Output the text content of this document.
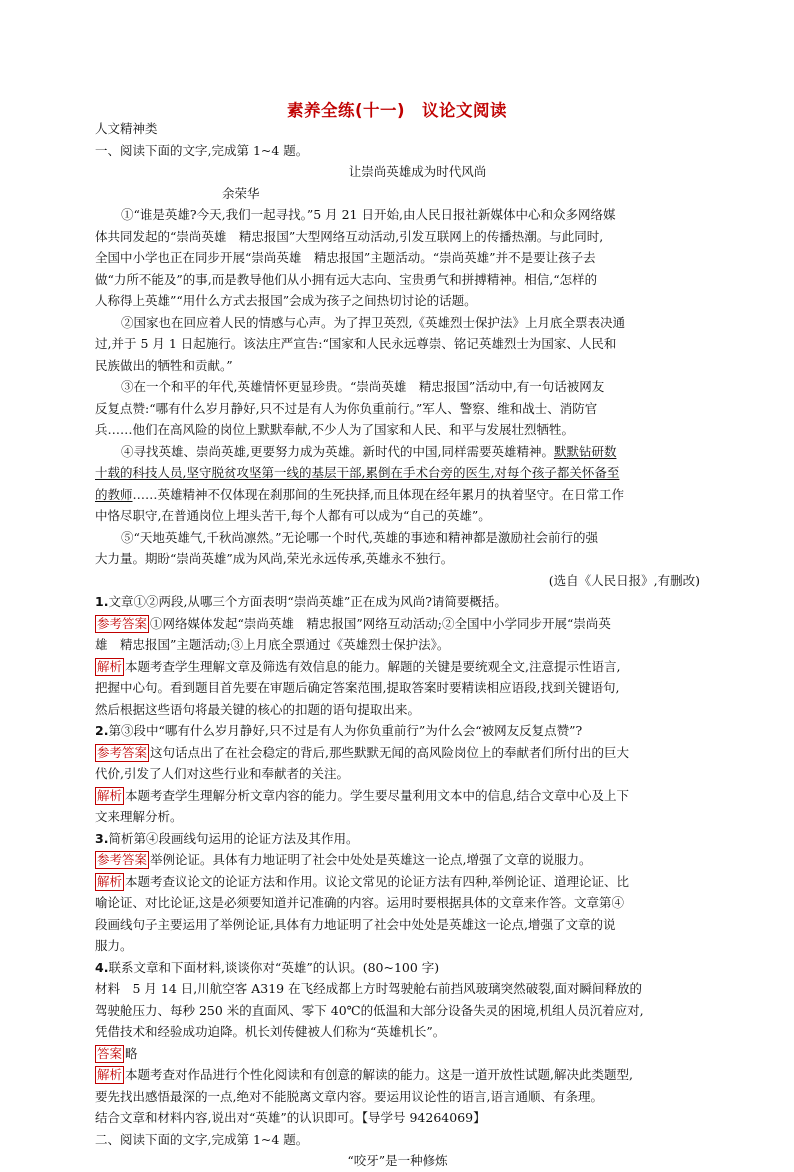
素养全练(十一)　议论文阅读
人文精神类
一、阅读下面的文字,完成第 1~4 题。
让崇尚英雄成为时代风尚
余荣华
①“谁是英雄?今天,我们一起寻找。”5 月 21 日开始,由人民日报社新媒体中心和众多网络媒
体共同发起的“崇尚英雄　精忠报国”大型网络互动活动,引发互联网上的传播热潮。与此同时,
全国中小学也正在同步开展“崇尚英雄　精忠报国”主题活动。“崇尚英雄”并不是要让孩子去
做“力所不能及”的事,而是教导他们从小拥有远大志向、宝贵勇气和拼搏精神。相信,“怎样的
人称得上英雄”“用什么方式去报国”会成为孩子之间热切讨论的话题。
②国家也在回应着人民的情感与心声。为了捍卫英烈,《英雄烈士保护法》上月底全票表决通
过,并于 5 月 1 日起施行。该法庄严宣告:“国家和人民永远尊崇、铭记英雄烈士为国家、人民和
民族做出的牺牲和贡献。”
③在一个和平的年代,英雄情怀更显珍贵。“崇尚英雄　精忠报国”活动中,有一句话被网友
反复点赞:“哪有什么岁月静好,只不过是有人为你负重前行。”军人、警察、维和战士、消防官
兵……他们在高风险的岗位上默默奉献,不少人为了国家和人民、和平与发展壮烈牺牲。
④寻找英雄、崇尚英雄,更要努力成为英雄。新时代的中国,同样需要英雄精神。默默钻研数
十载的科技人员,坚守脱贫攻坚第一线的基层干部,累倒在手术台旁的医生,对每个孩子都关怀备至
的教师……英雄精神不仅体现在刹那间的生死抉择,而且体现在经年累月的执着坚守。在日常工作
中恪尽职守,在普通岗位上埋头苦干,每个人都有可以成为“自己的英雄”。
⑤“天地英雄气,千秋尚凛然。”无论哪一个时代,英雄的事迹和精神都是激励社会前行的强
大力量。期盼“崇尚英雄”成为风尚,荣光永远传承,英雄永不独行。
(选自《人民日报》,有删改)
1.文章①②两段,从哪三个方面表明“崇尚英雄”正在成为风尚?请简要概括。
参考答案 ①网络媒体发起“崇尚英雄　精忠报国”网络互动活动;②全国中小学同步开展“崇尚英
雄　精忠报国”主题活动;③上月底全票通过《英雄烈士保护法》。
解析 本题考查学生理解文章及筛选有效信息的能力。解题的关键是要统观全文,注意提示性语言,
把握中心句。看到题目首先要在审题后确定答案范围,提取答案时要精读相应语段,找到关键语句,
然后根据这些语句将最关键的核心的扣题的语句提取出来。
2.第③段中“哪有什么岁月静好,只不过是有人为你负重前行”为什么会“被网友反复点赞”?
参考答案 这句话点出了在社会稳定的背后,那些默默无闻的高风险岗位上的奉献者们所付出的巨大
代价,引发了人们对这些行业和奉献者的关注。
解析 本题考查学生理解分析文章内容的能力。学生要尽量利用文本中的信息,结合文章中心及上下
文来理解分析。
3.简析第④段画线句运用的论证方法及其作用。
参考答案 举例论证。具体有力地证明了社会中处处是英雄这一论点,增强了文章的说服力。
解析 本题考查议论文的论证方法和作用。议论文常见的论证方法有四种,举例论证、道理论证、比
喻论证、对比论证,这是必须要知道并记准确的内容。运用时要根据具体的文章来作答。文章第④
段画线句子主要运用了举例论证,具体有力地证明了社会中处处是英雄这一论点,增强了文章的说
服力。
4.联系文章和下面材料,谈谈你对“英雄”的认识。(80~100 字)
材料　5 月 14 日,川航空客 A319 在飞经成都上方时驾驶舱右前挡风玻璃突然破裂,面对瞬间释放的
驾驶舱压力、每秒 250 米的直面风、零下 40℃的低温和大部分设备失灵的困境,机组人员沉着应对,
凭借技术和经验成功迫降。机长刘传健被人们称为“英雄机长”。
答案 略
解析 本题考查对作品进行个性化阅读和有创意的解读的能力。这是一道开放性试题,解决此类题型,
要先找出感悟最深的一点,绝对不能脱离文章内容。要运用议论性的语言,语言通顺、有条理。
结合文章和材料内容,说出对“英雄”的认识即可。【导学号 94264069】
二、阅读下面的文字,完成第 1~4 题。
“咬牙”是一种修炼
